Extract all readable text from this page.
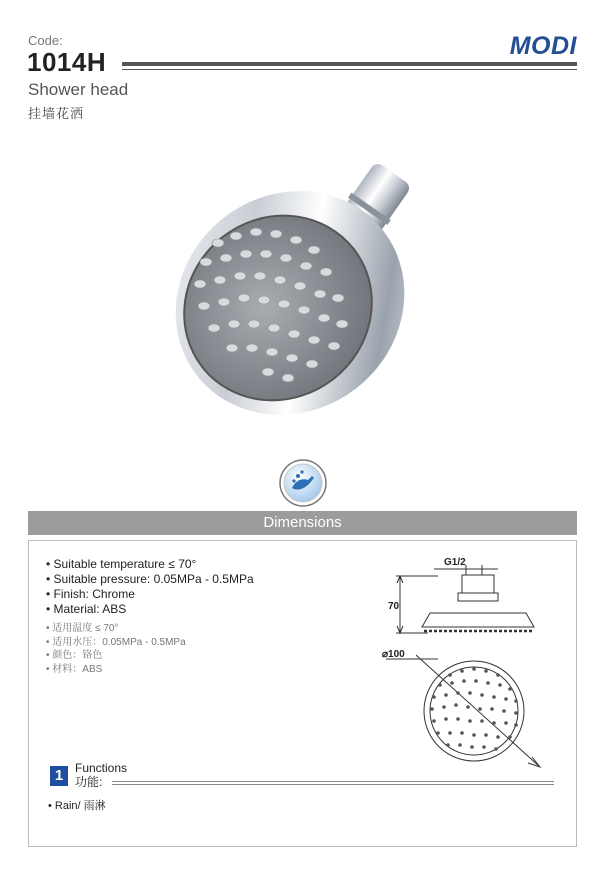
Code:
1014H
MODI
Shower head
挂墙花洒
Dimensions
• Suitable temperature ≤ 70°
• Suitable pressure: 0.05MPa - 0.5MPa
• Finish: Chrome
• Material: ABS
• 适用温度 ≤ 70°
• 适用水压：0.05MPa - 0.5MPa
• 颜色：铬色
• 材料：ABS
G1/2
70
⌀100
1 Functions
功能:
• Rain/ 雨淋
